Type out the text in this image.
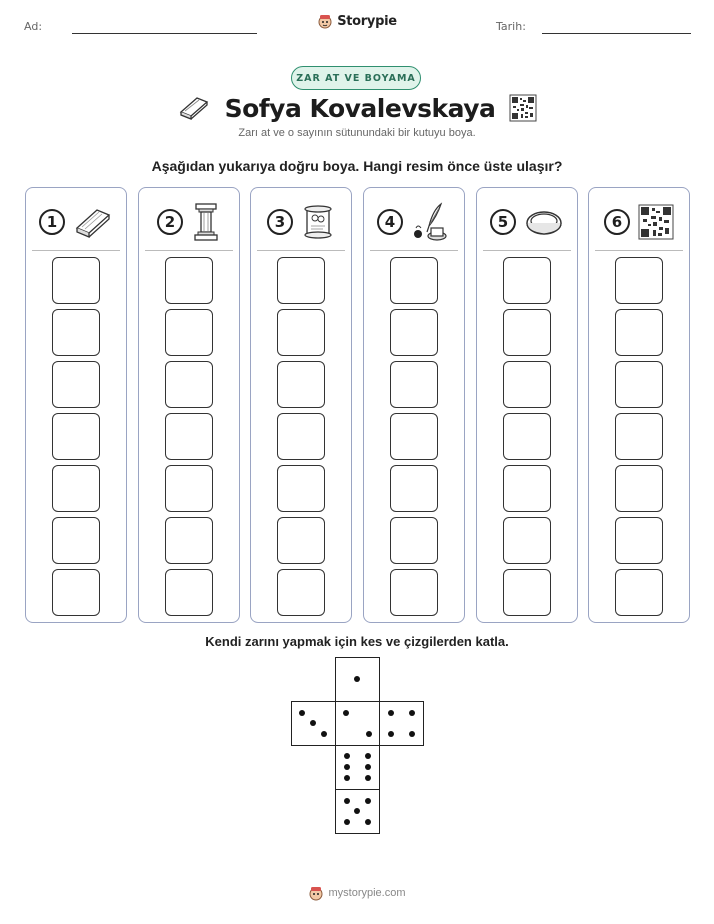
Ad:	Storypie	Tarih:
ZAR AT VE BOYAMA
Sofya Kovalevskaya
Zarı at ve o sayının sütunundaki bir kutuyu boya.
Aşağıdan yukarıya doğru boya. Hangi resim önce üste ulaşır?
1	2	3	4	5	6
Kendi zarını yapmak için kes ve çizgilerden katla.
mystorypie.com
